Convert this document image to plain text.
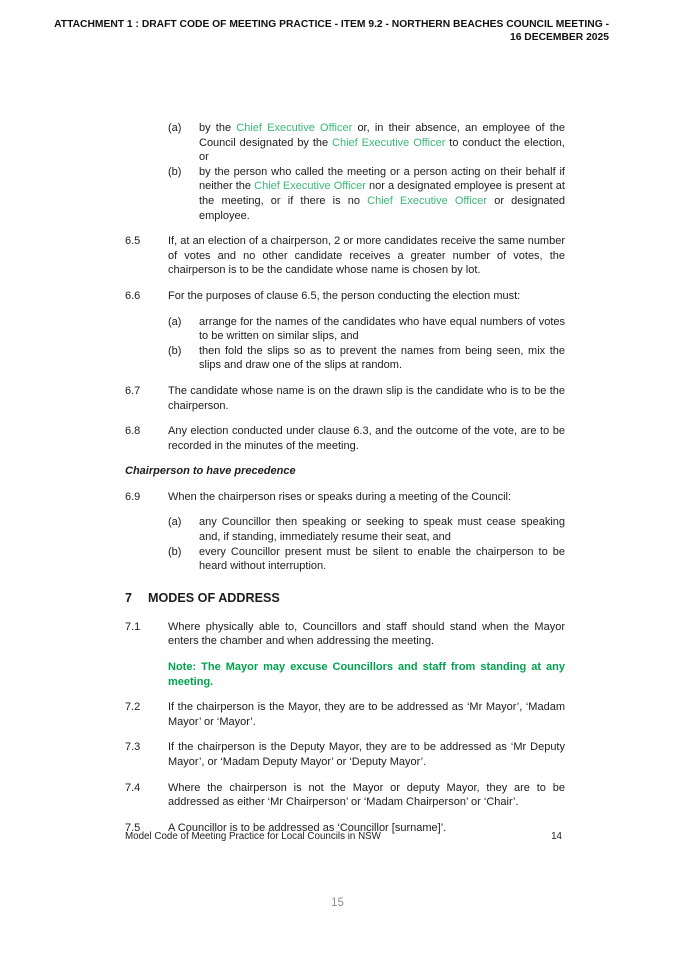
ATTACHMENT 1 : DRAFT CODE OF MEETING PRACTICE - ITEM 9.2 - NORTHERN BEACHES COUNCIL MEETING -
16 DECEMBER 2025
(a)	by the Chief Executive Officer or, in their absence, an employee of the Council designated by the Chief Executive Officer to conduct the election, or
(b)	by the person who called the meeting or a person acting on their behalf if neither the Chief Executive Officer nor a designated employee is present at the meeting, or if there is no Chief Executive Officer or designated employee.
6.5	If, at an election of a chairperson, 2 or more candidates receive the same number of votes and no other candidate receives a greater number of votes, the chairperson is to be the candidate whose name is chosen by lot.
6.6	For the purposes of clause 6.5, the person conducting the election must:
(a)	arrange for the names of the candidates who have equal numbers of votes to be written on similar slips, and
(b)	then fold the slips so as to prevent the names from being seen, mix the slips and draw one of the slips at random.
6.7	The candidate whose name is on the drawn slip is the candidate who is to be the chairperson.
6.8	Any election conducted under clause 6.3, and the outcome of the vote, are to be recorded in the minutes of the meeting.
Chairperson to have precedence
6.9	When the chairperson rises or speaks during a meeting of the Council:
(a)	any Councillor then speaking or seeking to speak must cease speaking and, if standing, immediately resume their seat, and
(b)	every Councillor present must be silent to enable the chairperson to be heard without interruption.
7 MODES OF ADDRESS
7.1	Where physically able to, Councillors and staff should stand when the Mayor enters the chamber and when addressing the meeting.
Note: The Mayor may excuse Councillors and staff from standing at any meeting.
7.2	If the chairperson is the Mayor, they are to be addressed as ‘Mr Mayor’, ‘Madam Mayor’ or ‘Mayor’.
7.3	If the chairperson is the Deputy Mayor, they are to be addressed as ‘Mr Deputy Mayor’, or ‘Madam Deputy Mayor’ or ‘Deputy Mayor’.
7.4	Where the chairperson is not the Mayor or deputy Mayor, they are to be addressed as either ‘Mr Chairperson’ or ‘Madam Chairperson’ or ‘Chair’.
7.5	A Councillor is to be addressed as ‘Councillor [surname]’.
Model Code of Meeting Practice for Local Councils in NSW	14
15
